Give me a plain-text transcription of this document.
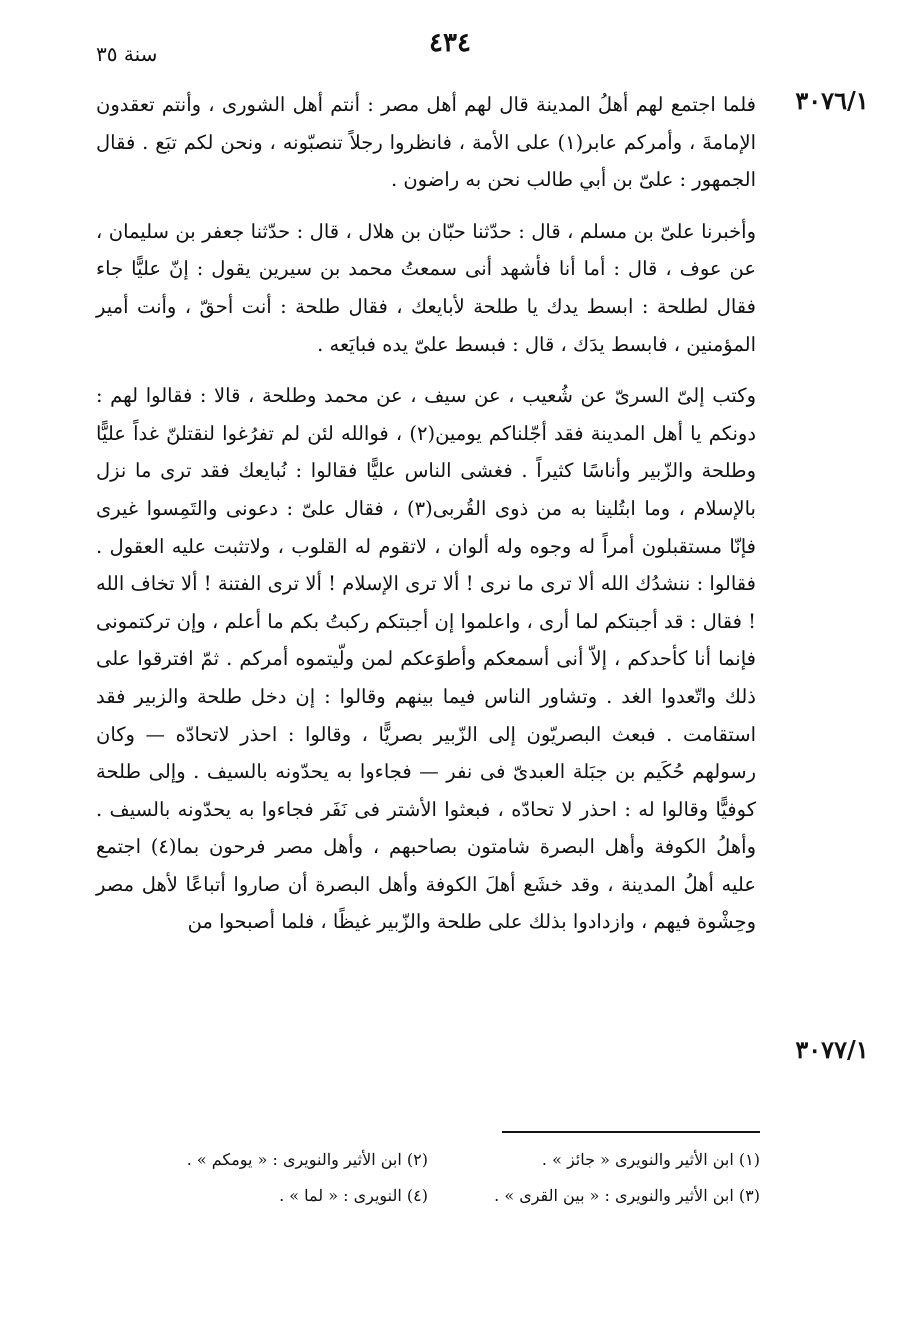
٤٣٤
سنة ٣٥
٣٠٧٦/١
٣٠٧٧/١

فلما اجتمع لهم أهلُ المدينة قال لهم أهل مصر : أنتم أهل الشورى ، وأنتم تعقدون الإمامةَ ، وأمركم عابر(١) على الأمة ، فانظروا رجلاً تنصبّونه ، ونحن لكم تبَع . فقال الجمهور : علىّ بن أبي طالب نحن به راضون .

وأخبرنا علىّ بن مسلم ، قال : حدّثنا حبّان بن هلال ، قال : حدّثنا جعفر بن سليمان ، عن عوف ، قال : أما أنا فأشهد أنى سمعتُ محمد بن سيرين يقول : إنّ عليًّا جاء فقال لطلحة : ابسط يدك يا طلحة لأبايعك ، فقال طلحة : أنت أحقّ ، وأنت أمير المؤمنين ، فابسط يدَك ، قال : فبسط علىّ يده فبايَعه .

وكتب إلىّ السرىّ عن شُعيب ، عن سيف ، عن محمد وطلحة ، قالا : فقالوا لهم : دونكم يا أهل المدينة فقد أجّلناكم يومين(٢) ، فوالله لئن لم تفرُغوا لنقتلنّ غداً عليًّا وطلحة والزّبير وأناسًا كثيراً . فغشى الناس عليًّا فقالوا : نُبايعك فقد ترى ما نزل بالإسلام ، وما ابتُلينا به من ذوى القُربى(٣) ، فقال علىّ : دعونى والتَمِسوا غيرى فإنّا مستقبلون أمراً له وجوه وله ألوان ، لاتقوم له القلوب ، ولاتثبت عليه العقول . فقالوا : ننشدُك الله ألا ترى ما نرى ! ألا ترى الإسلام ! ألا ترى الفتنة ! ألا تخاف الله ! فقال : قد أجبتكم لما أرى ، واعلموا إن أجبتكم ركبتُ بكم ما أعلم ، وإن تركتمونى فإنما أنا كأحدكم ، إلاّ أنى أسمعكم وأطوَعكم لمن ولّيتموه أمركم . ثمّ افترقوا على ذلك واتّعدوا الغد . وتشاور الناس فيما بينهم وقالوا : إن دخل طلحة والزبير فقد استقامت . فبعث البصريّون إلى الزّبير بصريًّا ، وقالوا : احذر لاتحادّه — وكان رسولهم حُكَيم بن جبَلة العبدىّ فى نفر — فجاءوا به يحدّونه بالسيف . وإلى طلحة كوفيًّا وقالوا له : احذر لا تحادّه ، فبعثوا الأشتر فى نَفَر فجاءوا به يحدّونه بالسيف . وأهلُ الكوفة وأهل البصرة شامتون بصاحبهم ، وأهل مصر فرحون بما(٤) اجتمع عليه أهلُ المدينة ، وقد خشَع أهلَ الكوفة وأهل البصرة أن صاروا أتباعًا لأهل مصر وحِشْوة فيهم ، وازدادوا بذلك على طلحة والزّبير غيظًا ، فلما أصبحوا من

(١) ابن الأثير والنويرى « جائز » .
(٢) ابن الأثير والنويرى : « يومكم » .
(٣) ابن الأثير والنويرى : « بين القرى » .
(٤) النويرى : « لما » .
